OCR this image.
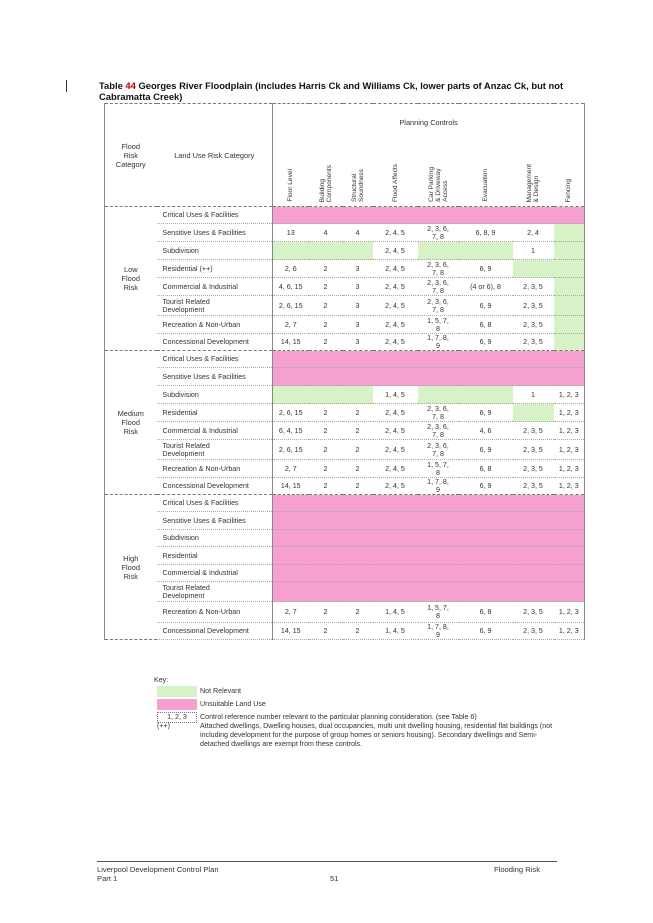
Table 44 Georges River Floodplain (includes Harris Ck and Williams Ck, lower parts of Anzac Ck, but not Cabramatta Creek)
Flood
Risk
Category	Land Use Risk Category	Planning Controls							

		Floor Level	Building
Components	Structural
Soundness	Flood Affects	Car Parking
& Driveway
Access	Evacuation	Management
& Design	Fencing

Low
Flood
Risk	Critical Uses & Facilities								
	Sensitive Uses & Facilities	13	4	4	2, 4, 5	2, 3, 6,
7, 8	6, 8, 9	2, 4	
	Subdivision				2, 4, 5			1	
	Residential (++)	2, 6	2	3	2, 4, 5	2, 3, 6,
7, 8	6, 9		
	Commercial & Industrial	4, 6, 15	2	3	2, 4, 5	2, 3, 6,
7, 8	(4 or 6), 8	2, 3, 5	
	Tourist Related
Development	2, 6, 15	2	3	2, 4, 5	2, 3, 6,
7, 8	6, 9	2, 3, 5	
	Recreation & Non-Urban	2, 7	2	3	2, 4, 5	1, 5, 7,
8	6, 8	2, 3, 5	
	Concessional Development	14, 15	2	3	2, 4, 5	1, 7, 8,
9	6, 9	2, 3, 5	
Medium
Flood
Risk	Critical Uses & Facilities								
	Sensitive Uses & Facilities								
	Subdivision				1, 4, 5			1	1, 2, 3
	Residential	2, 6, 15	2	2	2, 4, 5	2, 3, 6,
7, 8	6, 9		1, 2, 3
	Commercial & Industrial	6, 4, 15	2	2	2, 4, 5	2, 3, 6,
7, 8	4, 6	2, 3, 5	1, 2, 3
	Tourist Related
Development	2, 6, 15	2	2	2, 4, 5	2, 3, 6,
7, 8	6, 9	2, 3, 5	1, 2, 3
	Recreation & Non-Urban	2, 7	2	2	2, 4, 5	1, 5, 7,
8	6, 8	2, 3, 5	1, 2, 3
	Concessional Development	14, 15	2	2	2, 4, 5	1, 7, 8,
9	6, 9	2, 3, 5	1, 2, 3
High
Flood
Risk	Critical Uses & Facilities								
	Sensitive Uses & Facilities								
	Subdivision								
	Residential								
	Commercial & Industrial								
	Tourist Related
Development								
	Recreation & Non-Urban	2, 7	2	2	1, 4, 5	1, 5, 7,
8	6, 8	2, 3, 5	1, 2, 3
	Concessional Development	14, 15	2	2	1, 4, 5	1, 7, 8,
9	6, 9	2, 3, 5	1, 2, 3
Key:
Not Relevant
Unsuitable Land Use
1, 2, 3	Control reference number relevant to the particular planning consideration. (see Table 6)
(++)	Attached dwellings, Dwelling houses, dual occupancies, multi unit dwelling housing, residential flat buildings (not including development for the purpose of group homes or seniors housing). Secondary dwellings and Semi-detached dwellings are exempt from these controls.
Liverpool Development Control Plan
Part 1	51
Flooding Risk
